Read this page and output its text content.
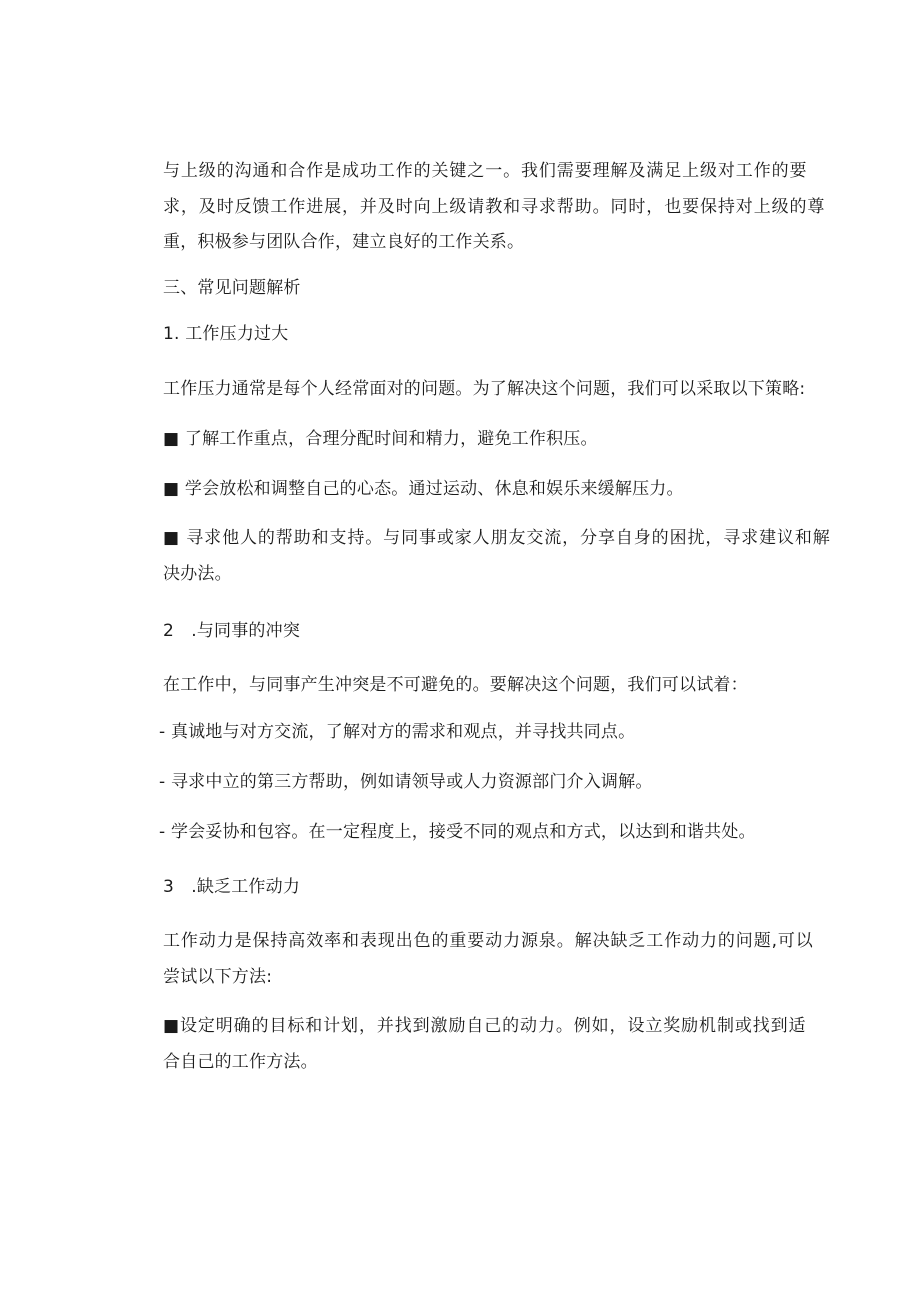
与上级的沟通和合作是成功工作的关键之一。我们需要理解及满足上级对工作的要
求，及时反馈工作进展，并及时向上级请教和寻求帮助。同时，也要保持对上级的尊
重，积极参与团队合作，建立良好的工作关系。
三、常见问题解析
1. 工作压力过大
工作压力通常是每个人经常面对的问题。为了解决这个问题，我们可以采取以下策略:
■ 了解工作重点，合理分配时间和精力，避免工作积压。
■ 学会放松和调整自己的心态。通过运动、休息和娱乐来缓解压力。
■ 寻求他人的帮助和支持。与同事或家人朋友交流，分享自身的困扰，寻求建议和解
决办法。
2　.与同事的冲突
在工作中，与同事产生冲突是不可避免的。要解决这个问题，我们可以试着：
- 真诚地与对方交流，了解对方的需求和观点，并寻找共同点。
- 寻求中立的第三方帮助，例如请领导或人力资源部门介入调解。
- 学会妥协和包容。在一定程度上，接受不同的观点和方式，以达到和谐共处。
3　.缺乏工作动力
工作动力是保持高效率和表现出色的重要动力源泉。解决缺乏工作动力的问题,可以
尝试以下方法:
■设定明确的目标和计划，并找到激励自己的动力。例如，设立奖励机制或找到适
合自己的工作方法。
